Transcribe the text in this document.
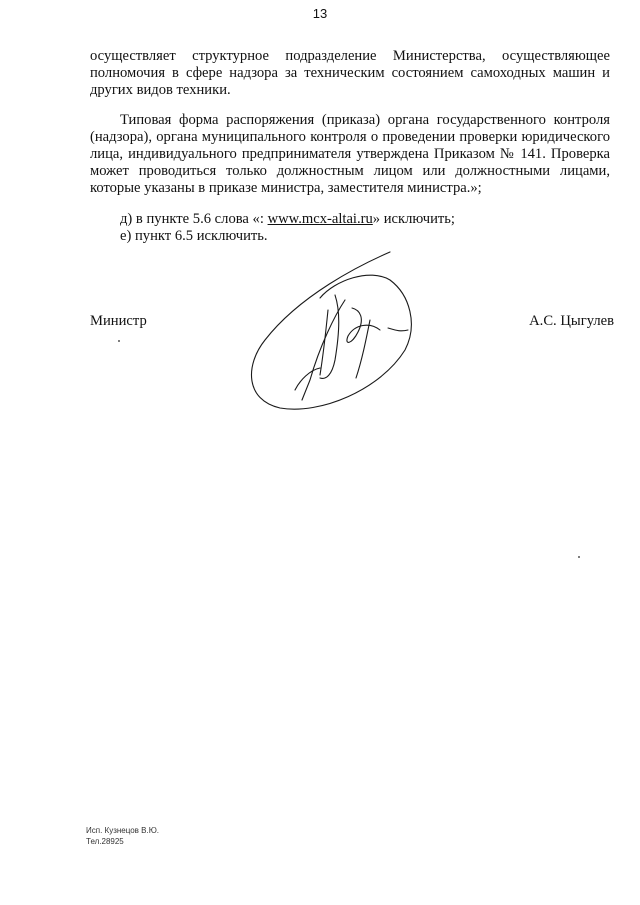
13

осуществляет структурное подразделение Министерства, осуществляющее полномочия в сфере надзора за техническим состоянием самоходных машин и других видов техники.

Типовая форма распоряжения (приказа) органа государственного контроля (надзора), органа муниципального контроля о проведении проверки юридического лица, индивидуального предпринимателя утверждена Приказом № 141. Проверка может проводиться только должностным лицом или должностными лицами, которые указаны в приказе министра, заместителя министра.»;

д) в пункте 5.6 слова «: www.mcx-altai.ru» исключить;

е) пункт 6.5 исключить.

Министр	А.С. Цыгулев
Исп. Кузнецов В.Ю.
Тел.28925
